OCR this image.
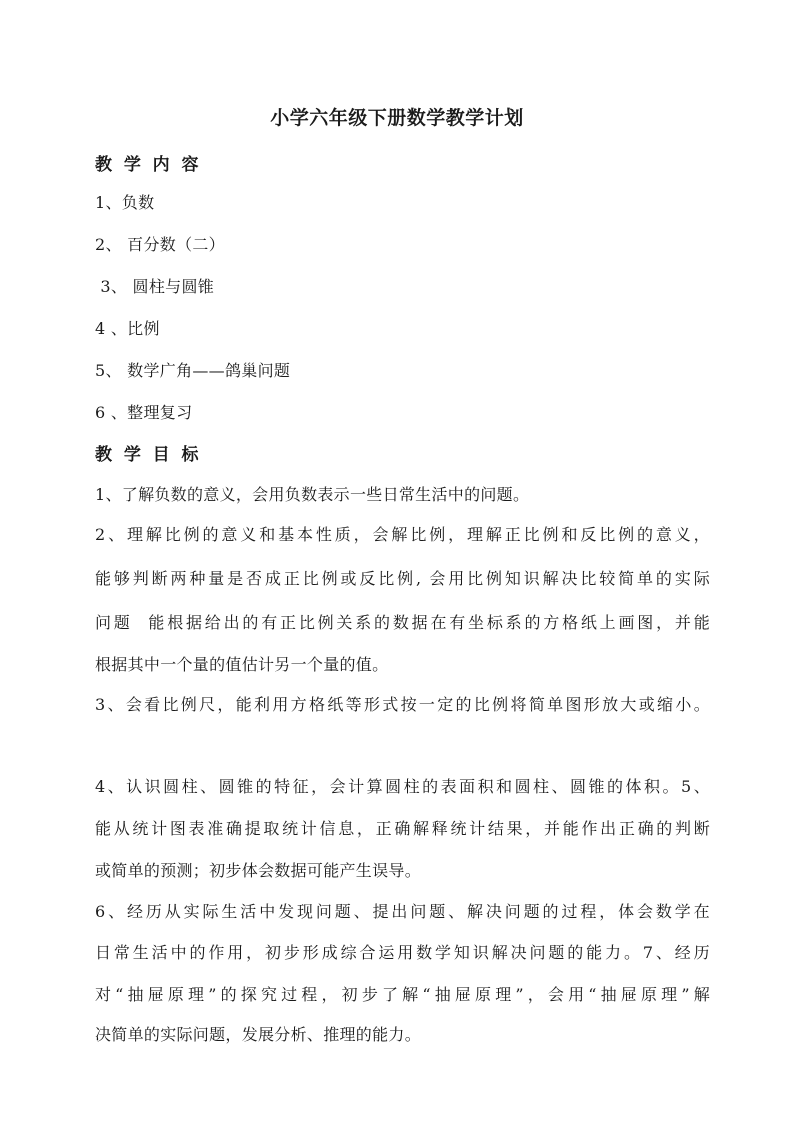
小学六年级下册数学教学计划
教  学  内  容
1、负数
2、 百分数（二）
3、 圆柱与圆锥
4 、比例
5、 数学广角——鸽巢问题
6 、整理复习
教  学  目  标
1、了解负数的意义，会用负数表示一些日常生活中的问题。
2、理解比例的意义和基本性质，会解比例，理解正比例和反比例的意义，
能够判断两种量是否成正比例或反比例, 会用比例知识解决比较简单的实际
问题  能根据给出的有正比例关系的数据在有坐标系的方格纸上画图，并能
根据其中一个量的值估计另一个量的值。
3、会看比例尺，能利用方格纸等形式按一定的比例将简单图形放大或缩小。
4、认识圆柱、圆锥的特征，会计算圆柱的表面积和圆柱、圆锥的体积。5、
能从统计图表准确提取统计信息，正确解释统计结果，并能作出正确的判断
或简单的预测；初步体会数据可能产生误导。
6、经历从实际生活中发现问题、提出问题、解决问题的过程，体会数学在
日常生活中的作用，初步形成综合运用数学知识解决问题的能力。7、经历
对“抽屉原理”的探究过程，初步了解“抽屉原理”，会用“抽屉原理”解
决简单的实际问题，发展分析、推理的能力。
